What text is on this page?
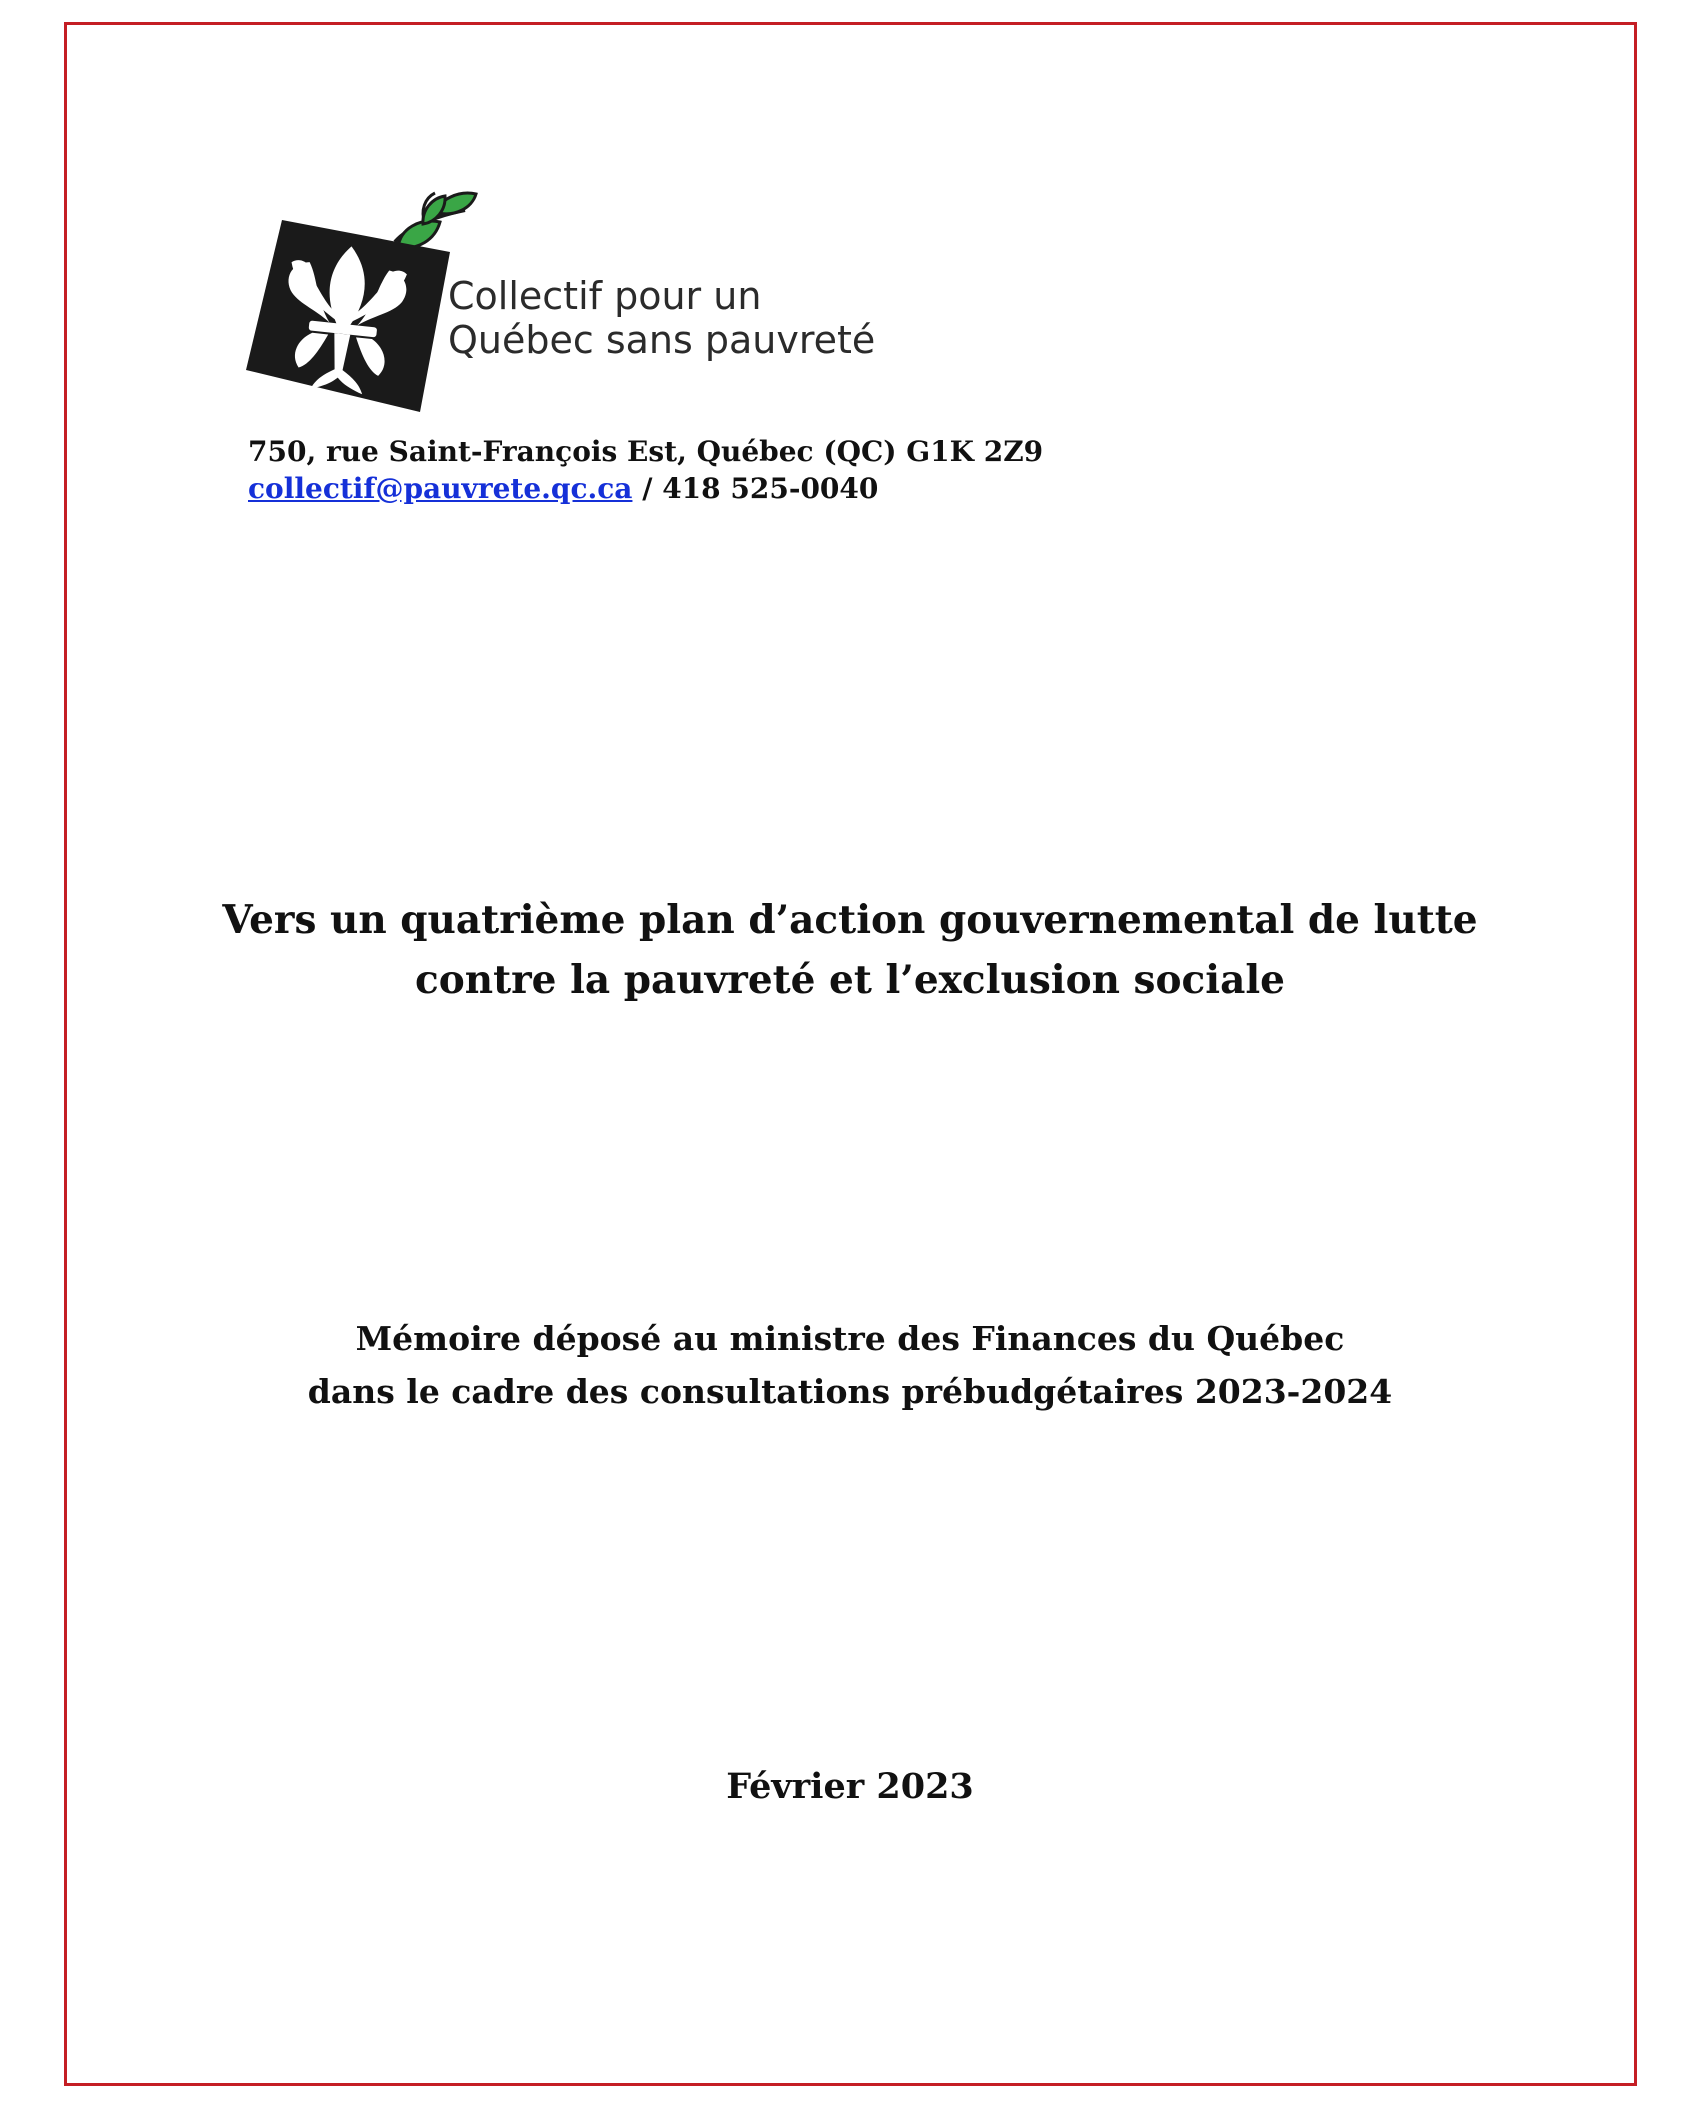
Collectif pour un
Québec sans pauvreté
750, rue Saint-François Est, Québec (QC) G1K 2Z9
collectif@pauvrete.qc.ca / 418 525-0040
Vers un quatrième plan d’action gouvernemental de lutte
contre la pauvreté et l’exclusion sociale
Mémoire déposé au ministre des Finances du Québec
dans le cadre des consultations prébudgétaires 2023-2024
Février 2023
